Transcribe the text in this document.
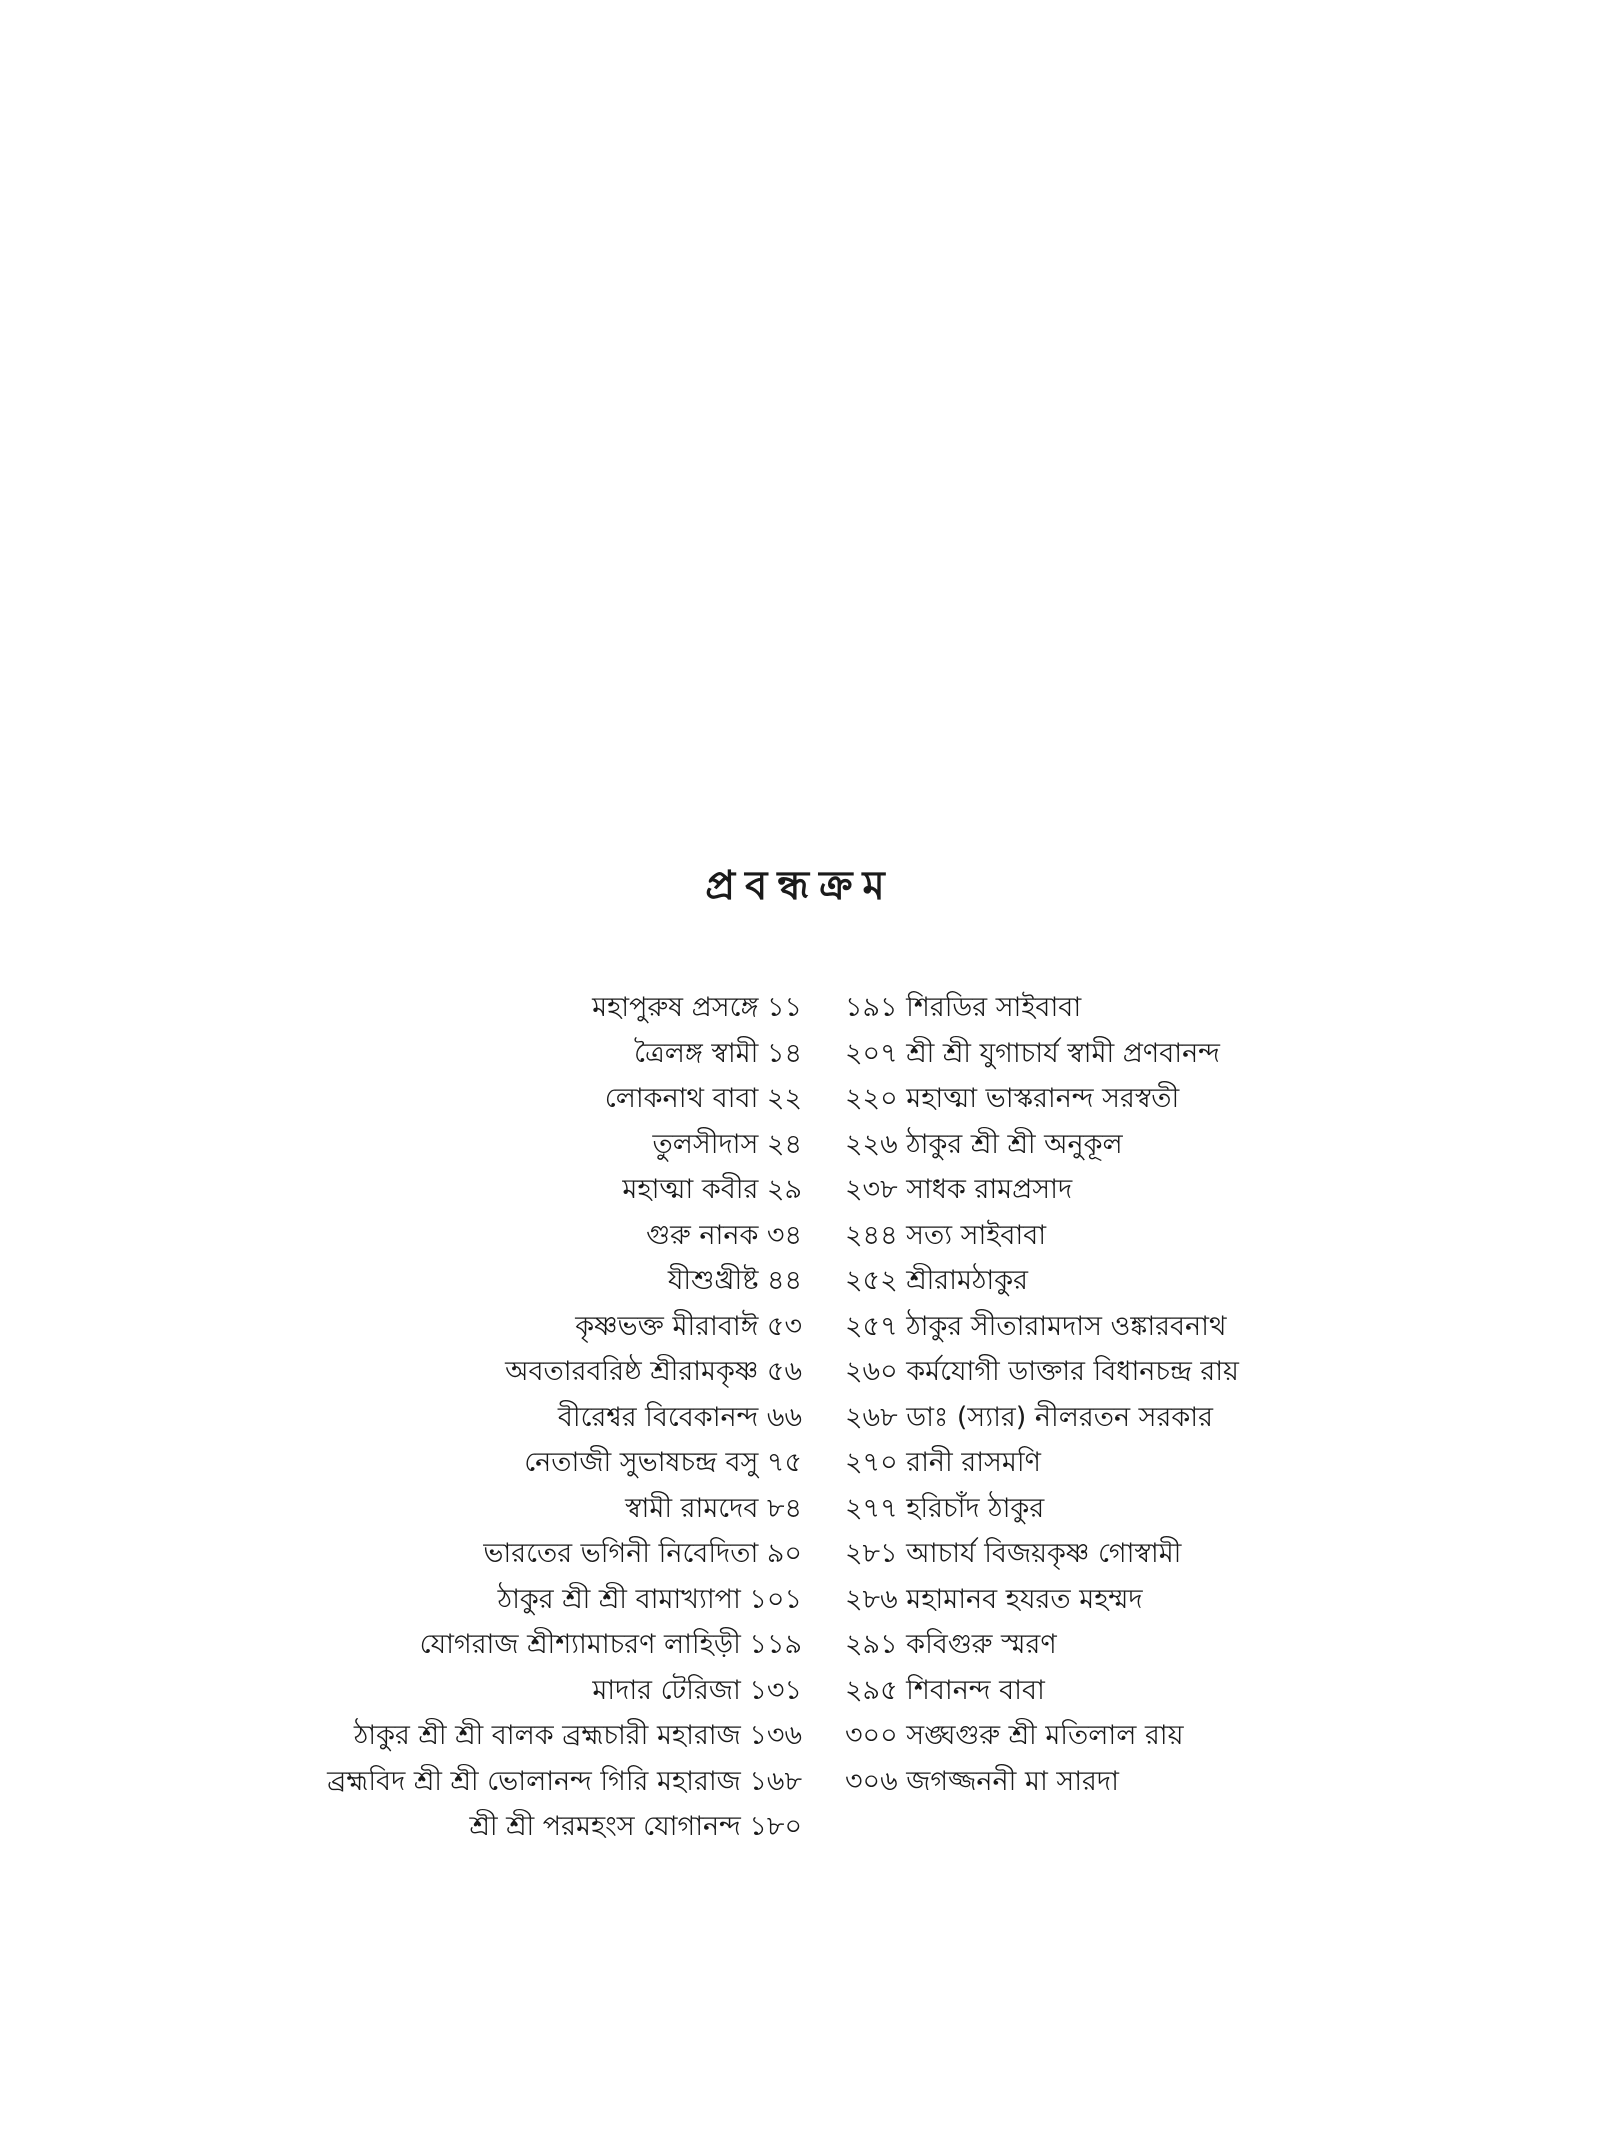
প্রবন্ধক্রম
মহাপুরুষ প্রসঙ্গে ১১
ত্রৈলঙ্গ স্বামী ১৪
লোকনাথ বাবা ২২
তুলসীদাস ২৪
মহাত্মা কবীর ২৯
গুরু নানক ৩৪
যীশুখ্রীষ্ট ৪৪
কৃষ্ণভক্ত মীরাবাঈ ৫৩
অবতারবরিষ্ঠ শ্রীরামকৃষ্ণ ৫৬
বীরেশ্বর বিবেকানন্দ ৬৬
নেতাজী সুভাষচন্দ্র বসু ৭৫
স্বামী রামদেব ৮৪
ভারতের ভগিনী নিবেদিতা ৯০
ঠাকুর শ্রী শ্রী বামাখ্যাপা ১০১
যোগরাজ শ্রীশ্যামাচরণ লাহিড়ী ১১৯
মাদার টেরিজা ১৩১
ঠাকুর শ্রী শ্রী বালক ব্রহ্মচারী মহারাজ ১৩৬
ব্রহ্মবিদ শ্রী শ্রী ভোলানন্দ গিরি মহারাজ ১৬৮
শ্রী শ্রী পরমহংস যোগানন্দ ১৮০
১৯১ শিরডির সাইবাবা
২০৭ শ্রী শ্রী যুগাচার্য স্বামী প্রণবানন্দ
২২০ মহাত্মা ভাস্করানন্দ সরস্বতী
২২৬ ঠাকুর শ্রী শ্রী অনুকূল
২৩৮ সাধক রামপ্রসাদ
২৪৪ সত্য সাইবাবা
২৫২ শ্রীরামঠাকুর
২৫৭ ঠাকুর সীতারামদাস ওঙ্কারবনাথ
২৬০ কর্মযোগী ডাক্তার বিধানচন্দ্র রায়
২৬৮ ডাঃ (স্যার) নীলরতন সরকার
২৭০ রানী রাসমণি
২৭৭ হরিচাঁদ ঠাকুর
২৮১ আচার্য বিজয়কৃষ্ণ গোস্বামী
২৮৬ মহামানব হযরত মহম্মদ
২৯১ কবিগুরু স্মরণ
২৯৫ শিবানন্দ বাবা
৩০০ সঙ্ঘগুরু শ্রী মতিলাল রায়
৩০৬ জগজ্জননী মা সারদা
